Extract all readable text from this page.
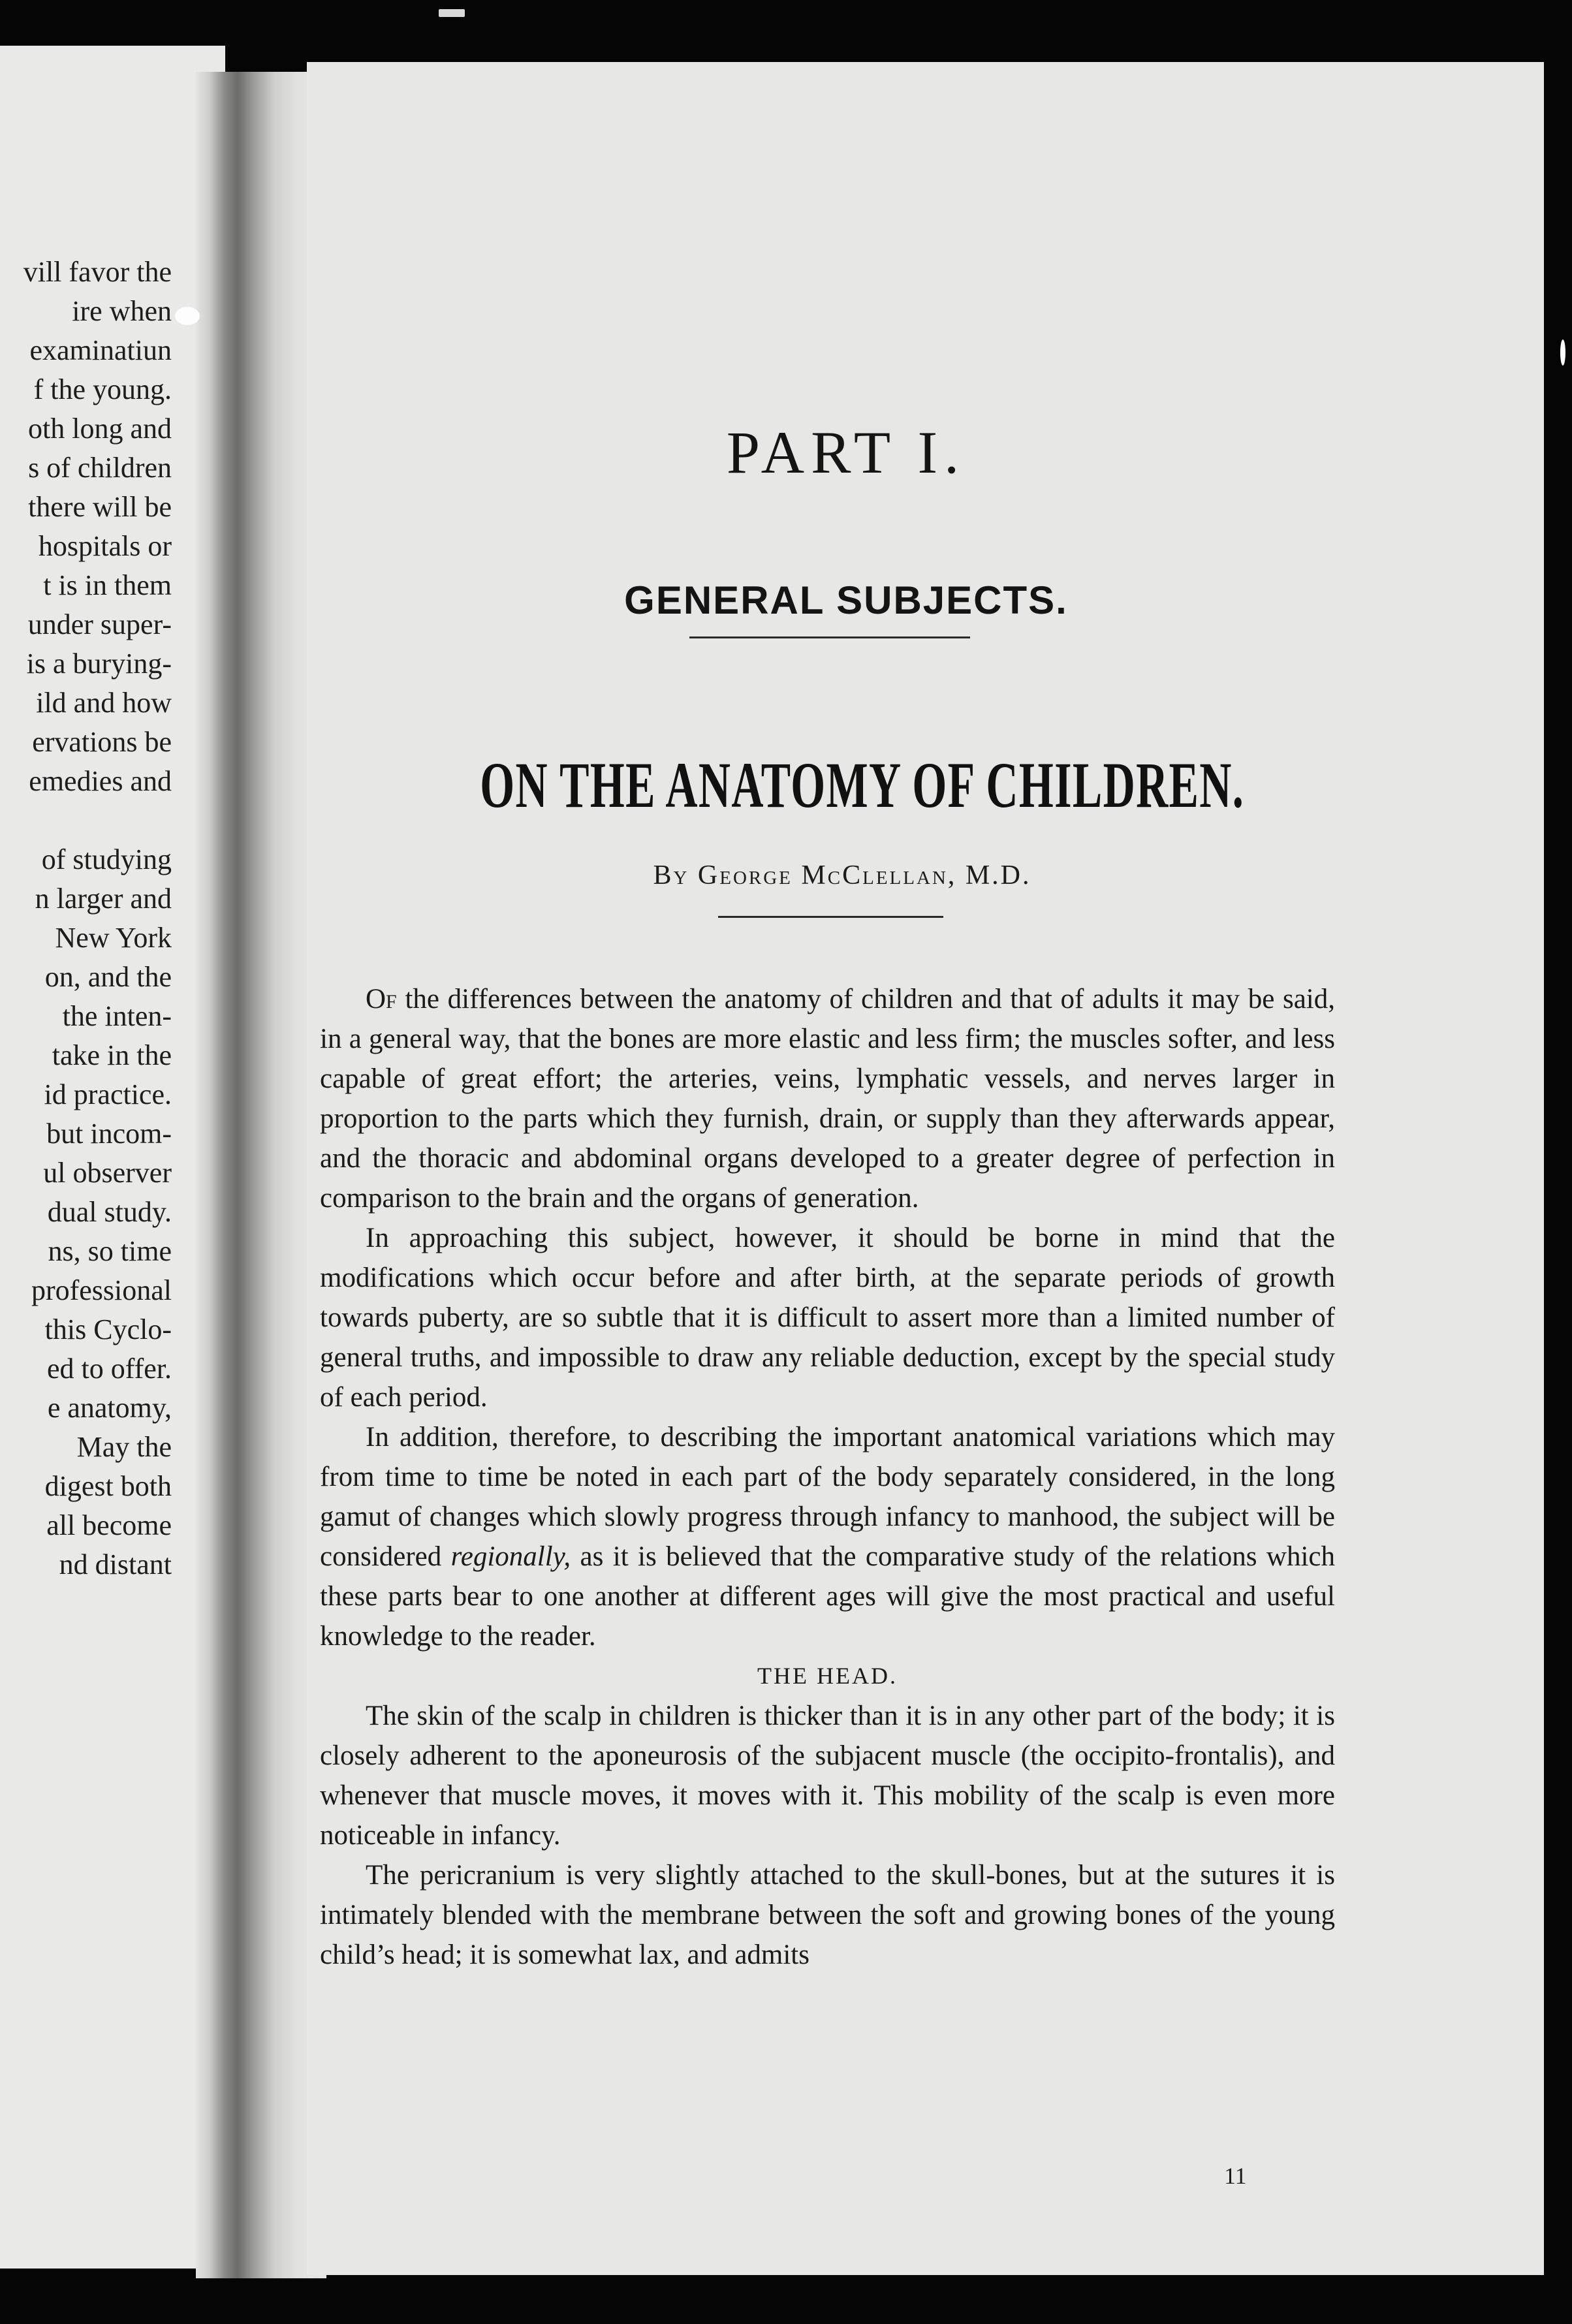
vill favor the
ire when
examinatiun
f the young.
oth long and
s of children
there will be
hospitals or
t is in them
under super-
is a burying-
ild and how
ervations be
emedies and
of studying
n larger and
New York
on, and the
the inten-
take in the
id practice.
but incom-
ul observer
dual study.
ns, so time
professional
this Cyclo-
ed to offer.
e anatomy,
May the
digest both
all become
nd distant
PART I.
GENERAL SUBJECTS.
ON THE ANATOMY OF CHILDREN.

By George McClellan, M.D.

Of the differences between the anatomy of children and that of adults it may be said, in a general way, that the bones are more elastic and less firm; the muscles softer, and less capable of great effort; the arteries, veins, lymphatic vessels, and nerves larger in proportion to the parts which they furnish, drain, or supply than they afterwards appear, and the thoracic and abdominal organs developed to a greater degree of perfection in comparison to the brain and the organs of generation.

In approaching this subject, however, it should be borne in mind that the modifications which occur before and after birth, at the separate periods of growth towards puberty, are so subtle that it is difficult to assert more than a limited number of general truths, and impossible to draw any reliable deduction, except by the special study of each period.

In addition, therefore, to describing the important anatomical variations which may from time to time be noted in each part of the body separately considered, in the long gamut of changes which slowly progress through infancy to manhood, the subject will be considered regionally, as it is believed that the comparative study of the relations which these parts bear to one another at different ages will give the most practical and useful knowledge to the reader.

THE HEAD.

The skin of the scalp in children is thicker than it is in any other part of the body; it is closely adherent to the aponeurosis of the subjacent muscle (the occipito-frontalis), and whenever that muscle moves, it moves with it. This mobility of the scalp is even more noticeable in infancy.

The pericranium is very slightly attached to the skull-bones, but at the sutures it is intimately blended with the membrane between the soft and growing bones of the young child’s head; it is somewhat lax, and admits

11
